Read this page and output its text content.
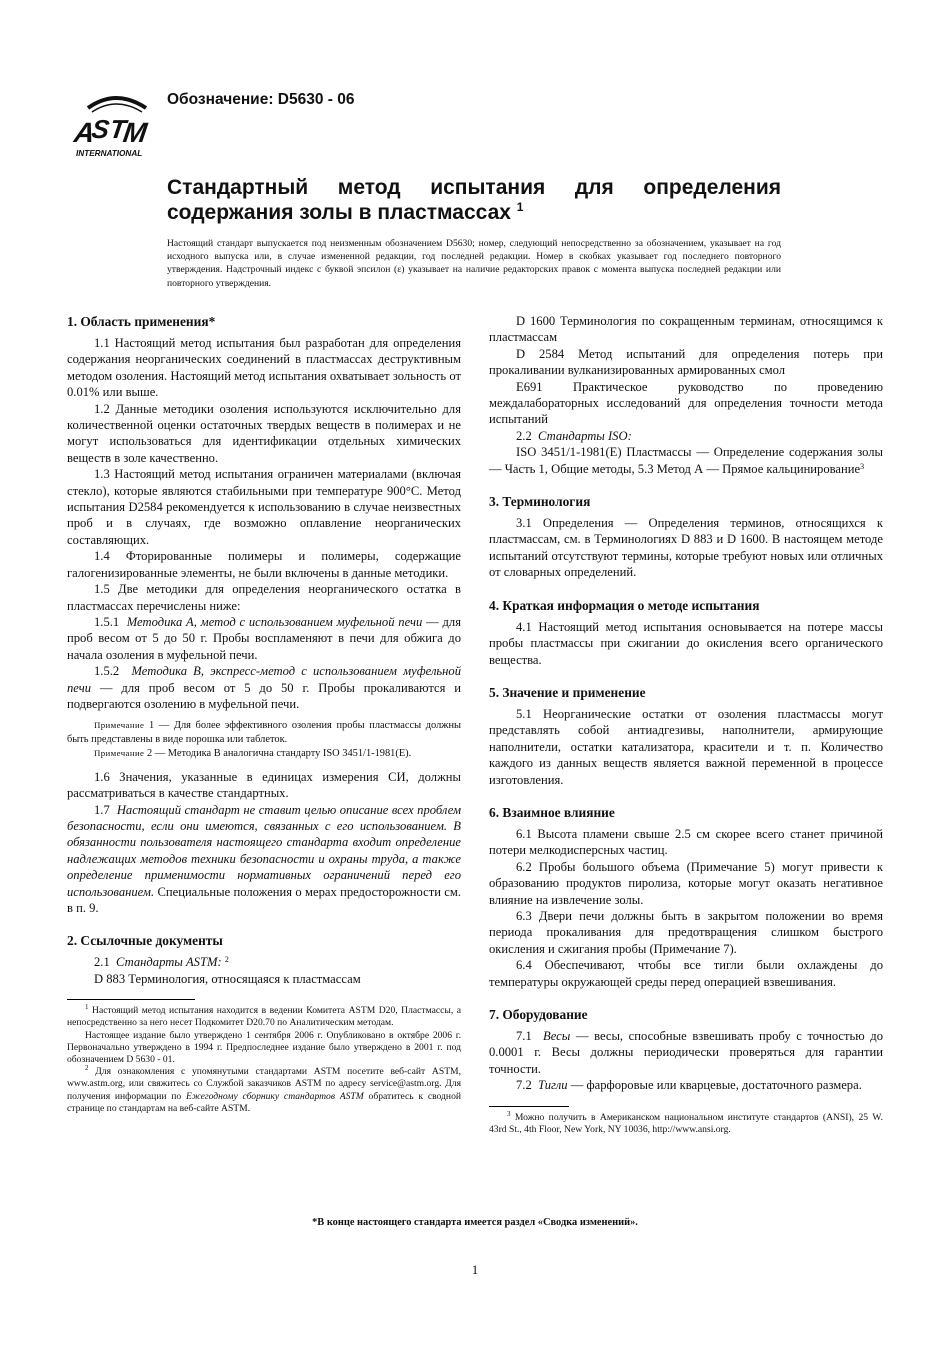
A
S
T
M
INTERNATIONAL
Обозначение: D5630 - 06
Стандартный метод испытания для определения содержания золы в пластмассах $^1$

Настоящий стандарт выпускается под неизменным обозначением D5630; номер, следующий непосредственно за обозначением, указывает на год исходного выпуска или, в случае измененной редакции, год последней редакции. Номер в скобках указывает год последнего повторного утверждения. Надстрочный индекс с буквой эпсилон (ε) указывает на наличие редакторских правок с момента выпуска последней редакции или повторного утверждения.

1. Область применения*

1.1 Настоящий метод испытания был разработан для определения содержания неорганических соединений в пластмассах деструктивным методом озоления. Настоящий метод испытания охватывает зольность от 0.01% или выше.

1.2 Данные методики озоления используются исключительно для количественной оценки остаточных твердых веществ в полимерах и не могут использоваться для идентификации отдельных химических веществ в золе качественно.

1.3 Настоящий метод испытания ограничен материалами (включая стекло), которые являются стабильными при температуре 900°C. Метод испытания D2584 рекомендуется к использованию в случае неизвестных проб и в случаях, где возможно оплавление неорганических составляющих.

1.4 Фторированные полимеры и полимеры, содержащие галогенизированные элементы, не были включены в данные методики.

1.5 Две методики для определения неорганического остатка в пластмассах перечислены ниже:

1.5.1 Методика А, метод с использованием муфельной печи — для проб весом от 5 до 50 г. Пробы воспламеняют в печи для обжига до начала озоления в муфельной печи.

1.5.2 Методика В, экспресс-метод с использованием муфельной печи — для проб весом от 5 до 50 г. Пробы прокаливаются и подвергаются озолению в муфельной печи.

Примечание 1 — Для более эффективного озоления пробы пластмассы должны быть представлены в виде порошка или таблеток.

Примечание 2 — Методика В аналогична стандарту ISO 3451/1-1981(E).

1.6 Значения, указанные в единицах измерения СИ, должны рассматриваться в качестве стандартных.

1.7 Настоящий стандарт не ставит целью описание всех проблем безопасности, если они имеются, связанных с его использованием. В обязанности пользователя настоящего стандарта входит определение надлежащих методов техники безопасности и охраны труда, а также определение применимости нормативных ограничений перед его использованием. Специальные положения о мерах предосторожности см. в п. 9.

2. Ссылочные документы

2.1 Стандарты ASTM: $^2$

D 883 Терминология, относящаяся к пластмассам

$^1$ Настоящий метод испытания находится в ведении Комитета ASTM D20, Пластмассы, а непосредственно за него несет Подкомитет D20.70 по Аналитическим методам.

Настоящее издание было утверждено 1 сентября 2006 г. Опубликовано в октябре 2006 г. Первоначально утверждено в 1994 г. Предпоследнее издание было утверждено в 2001 г. под обозначением D 5630 - 01.

$^2$ Для ознакомления с упомянутыми стандартами ASTM посетите веб-сайт ASTM, www.astm.org, или свяжитесь со Службой заказчиков ASTM по адресу service@astm.org. Для получения информации по Ежегодному сборнику стандартов ASTM обратитесь к сводной странице по стандартам на веб-сайте ASTM.

D 1600 Терминология по сокращенным терминам, относящимся к пластмассам

D 2584 Метод испытаний для определения потерь при прокаливании вулканизированных армированных смол

E691 Практическое руководство по проведению междалабораторных исследований для определения точности метода испытаний

2.2 Стандарты ISO:

ISO 3451/1-1981(E) Пластмассы — Определение содержания золы — Часть 1, Общие методы, 5.3 Метод А — Прямое кальцинирование$^3$

3. Терминология

3.1 Определения — Определения терминов, относящихся к пластмассам, см. в Терминологиях D 883 и D 1600. В настоящем методе испытаний отсутствуют термины, которые требуют новых или отличных от словарных определений.

4. Краткая информация о методе испытания

4.1 Настоящий метод испытания основывается на потере массы пробы пластмассы при сжигании до окисления всего органического вещества.

5. Значение и применение

5.1 Неорганические остатки от озоления пластмассы могут представлять собой антиадгезивы, наполнители, армирующие наполнители, остатки катализатора, красители и т. п. Количество каждого из данных веществ является важной переменной в процессе изготовления.

6. Взаимное влияние

6.1 Высота пламени свыше 2.5 см скорее всего станет причиной потери мелкодисперсных частиц.

6.2 Пробы большого объема (Примечание 5) могут привести к образованию продуктов пиролиза, которые могут оказать негативное влияние на извлечение золы.

6.3 Двери печи должны быть в закрытом положении во время периода прокаливания для предотвращения слишком быстрого окисления и сжигания пробы (Примечание 7).

6.4 Обеспечивают, чтобы все тигли были охлаждены до температуры окружающей среды перед операцией взвешивания.

7. Оборудование

7.1 Весы — весы, способные взвешивать пробу с точностью до 0.0001 г. Весы должны периодически проверяться для гарантии точности.

7.2 Тигли — фарфоровые или кварцевые, достаточного размера.

$^3$ Можно получить в Американском национальном институте стандартов (ANSI), 25 W. 43rd St., 4th Floor, New York, NY 10036, http://www.ansi.org.

*В конце настоящего стандарта имеется раздел «Сводка изменений».
1
